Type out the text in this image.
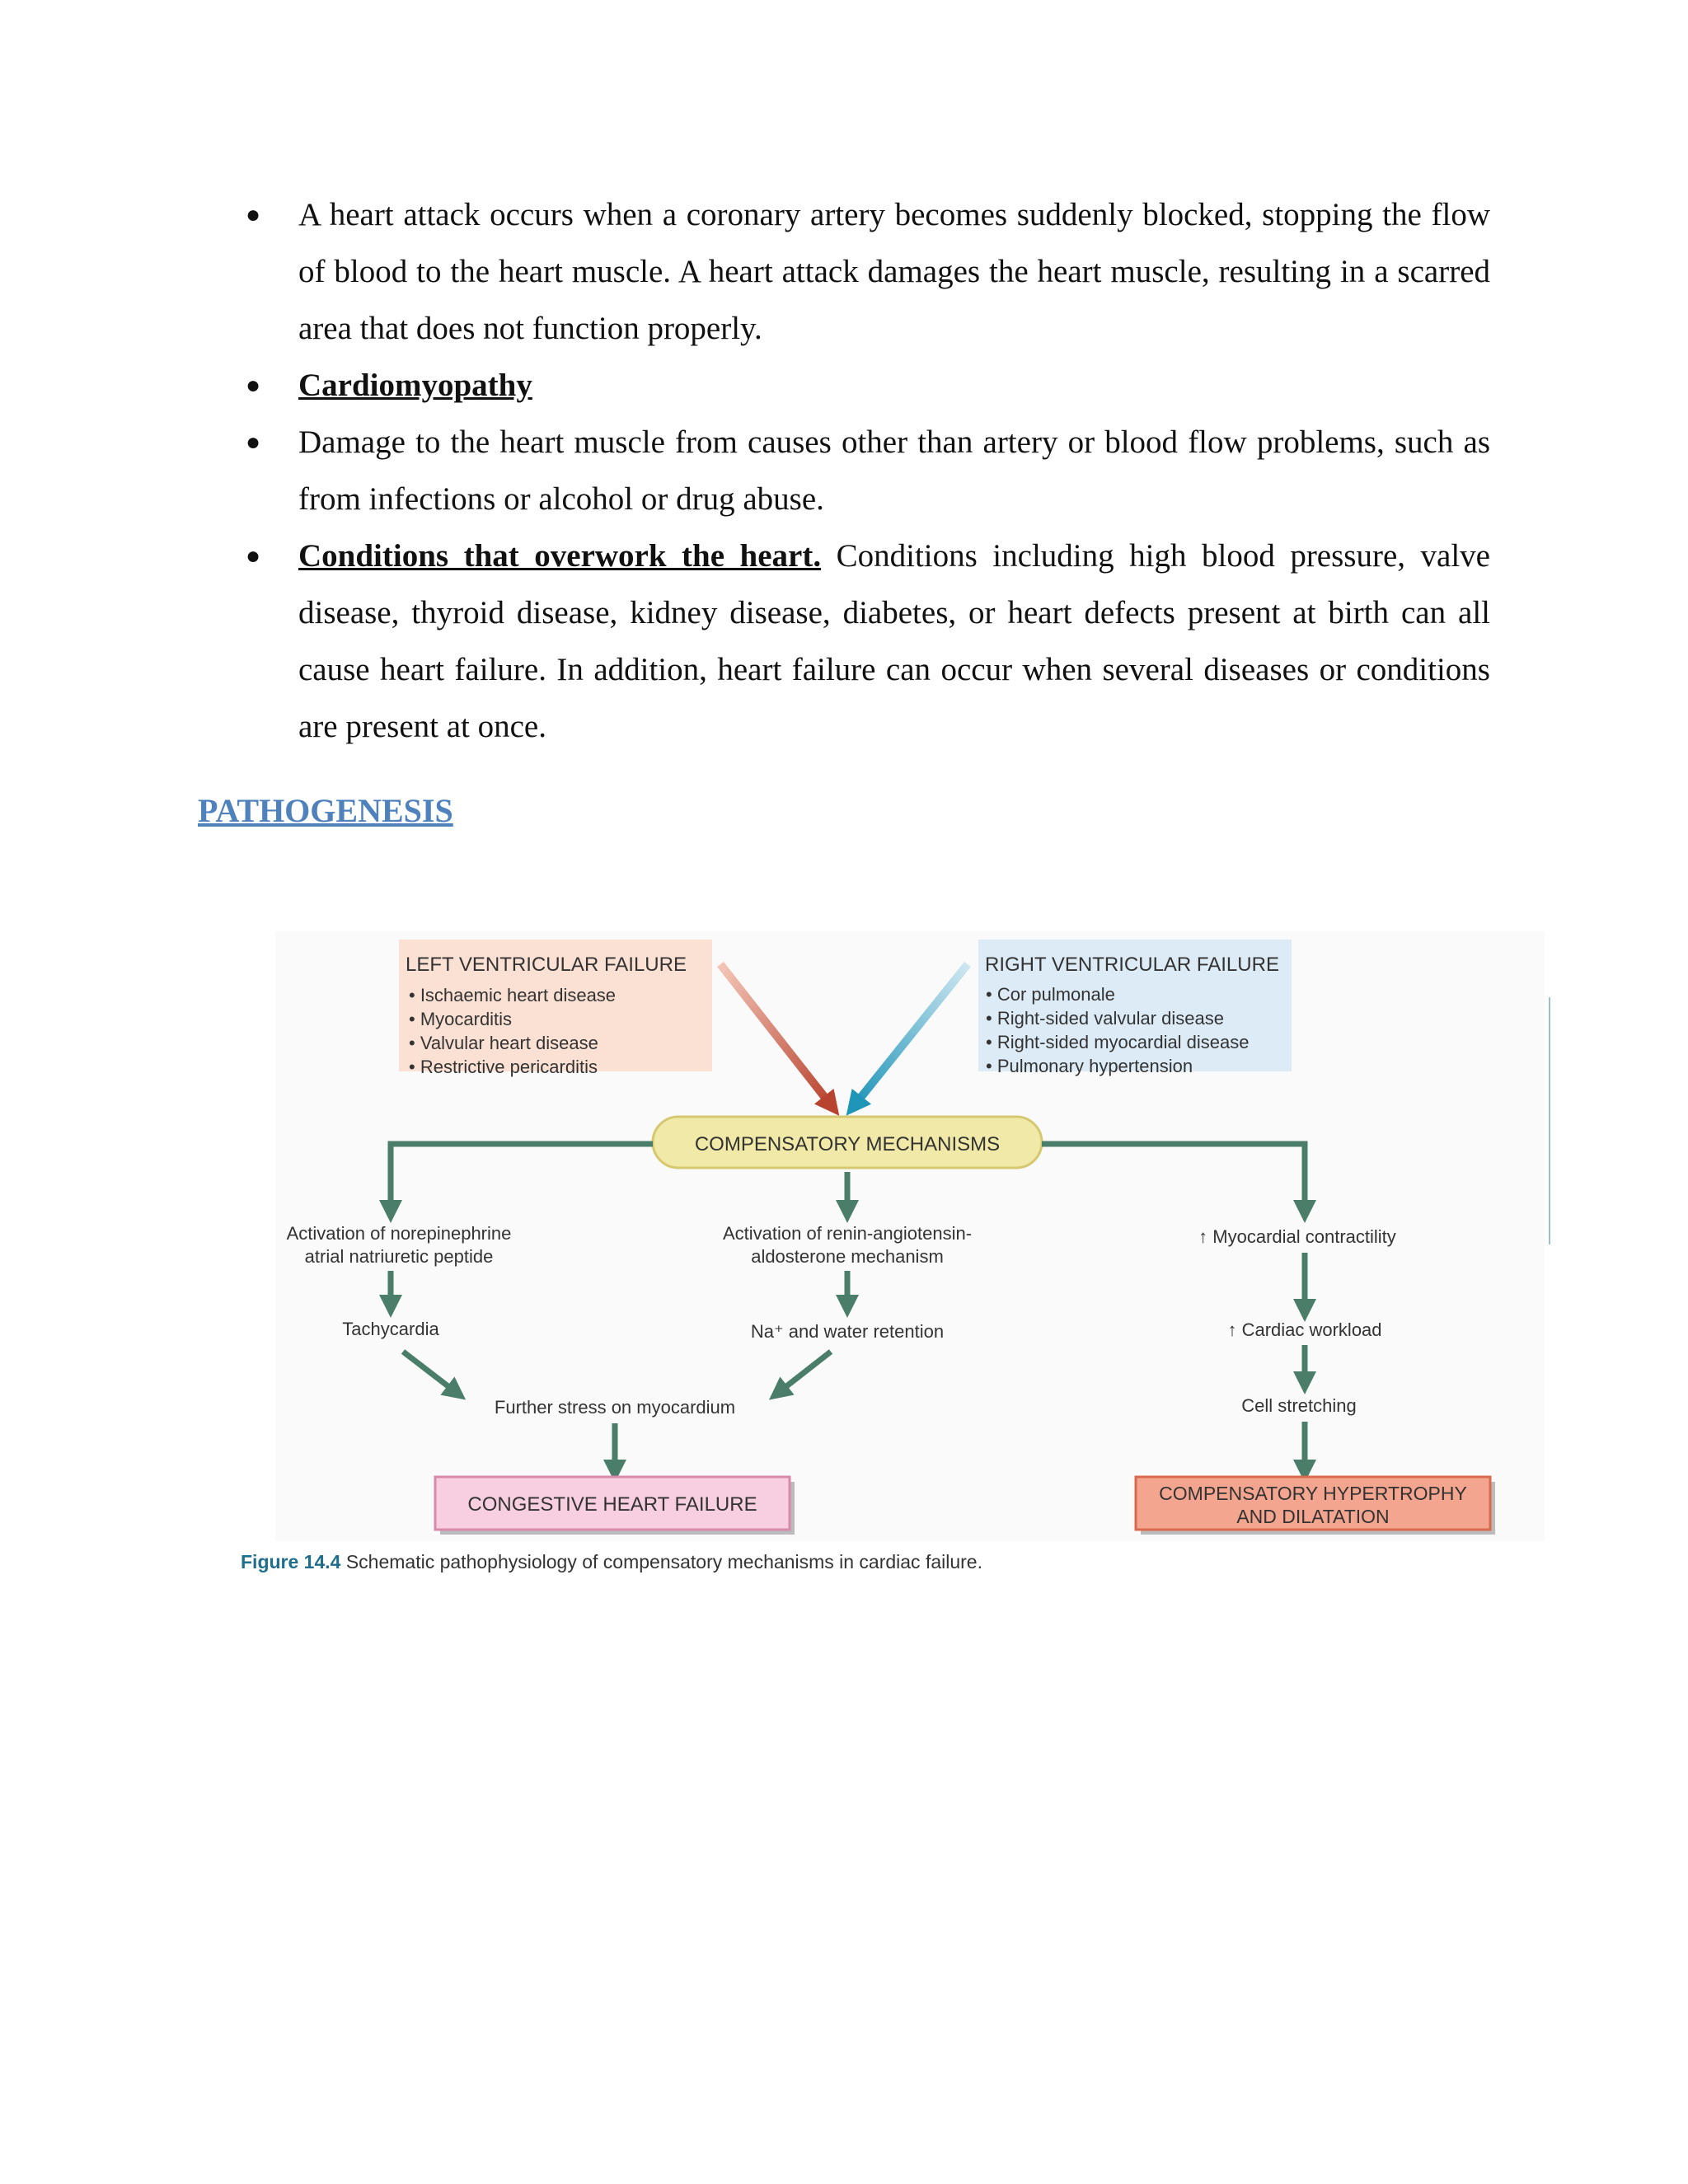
● A heart attack occurs when a coronary artery becomes suddenly blocked, stopping the flow of blood to the heart muscle. A heart attack damages the heart muscle, resulting in a scarred area that does not function properly.
● Cardiomyopathy
● Damage to the heart muscle from causes other than artery or blood flow problems, such as from infections or alcohol or drug abuse.
● Conditions that overwork the heart. Conditions including high blood pressure, valve disease, thyroid disease, kidney disease, diabetes, or heart defects present at birth can all cause heart failure. In addition, heart failure can occur when several diseases or conditions are present at once.
PATHOGENESIS
LEFT VENTRICULAR FAILURE
• Ischaemic heart disease
• Myocarditis
• Valvular heart disease
• Restrictive pericarditis
RIGHT VENTRICULAR FAILURE
• Cor pulmonale
• Right-sided valvular disease
• Right-sided myocardial disease
• Pulmonary hypertension
COMPENSATORY MECHANISMS
Activation of norepinephrine
atrial natriuretic peptide
Tachycardia
Activation of renin-angiotensin-
aldosterone mechanism
Na⁺ and water retention
Further stress on myocardium
CONGESTIVE HEART FAILURE
↑ Myocardial contractility
↑ Cardiac workload
Cell stretching
COMPENSATORY HYPERTROPHY
AND DILATATION
Figure 14.4 Schematic pathophysiology of compensatory mechanisms in cardiac failure.
